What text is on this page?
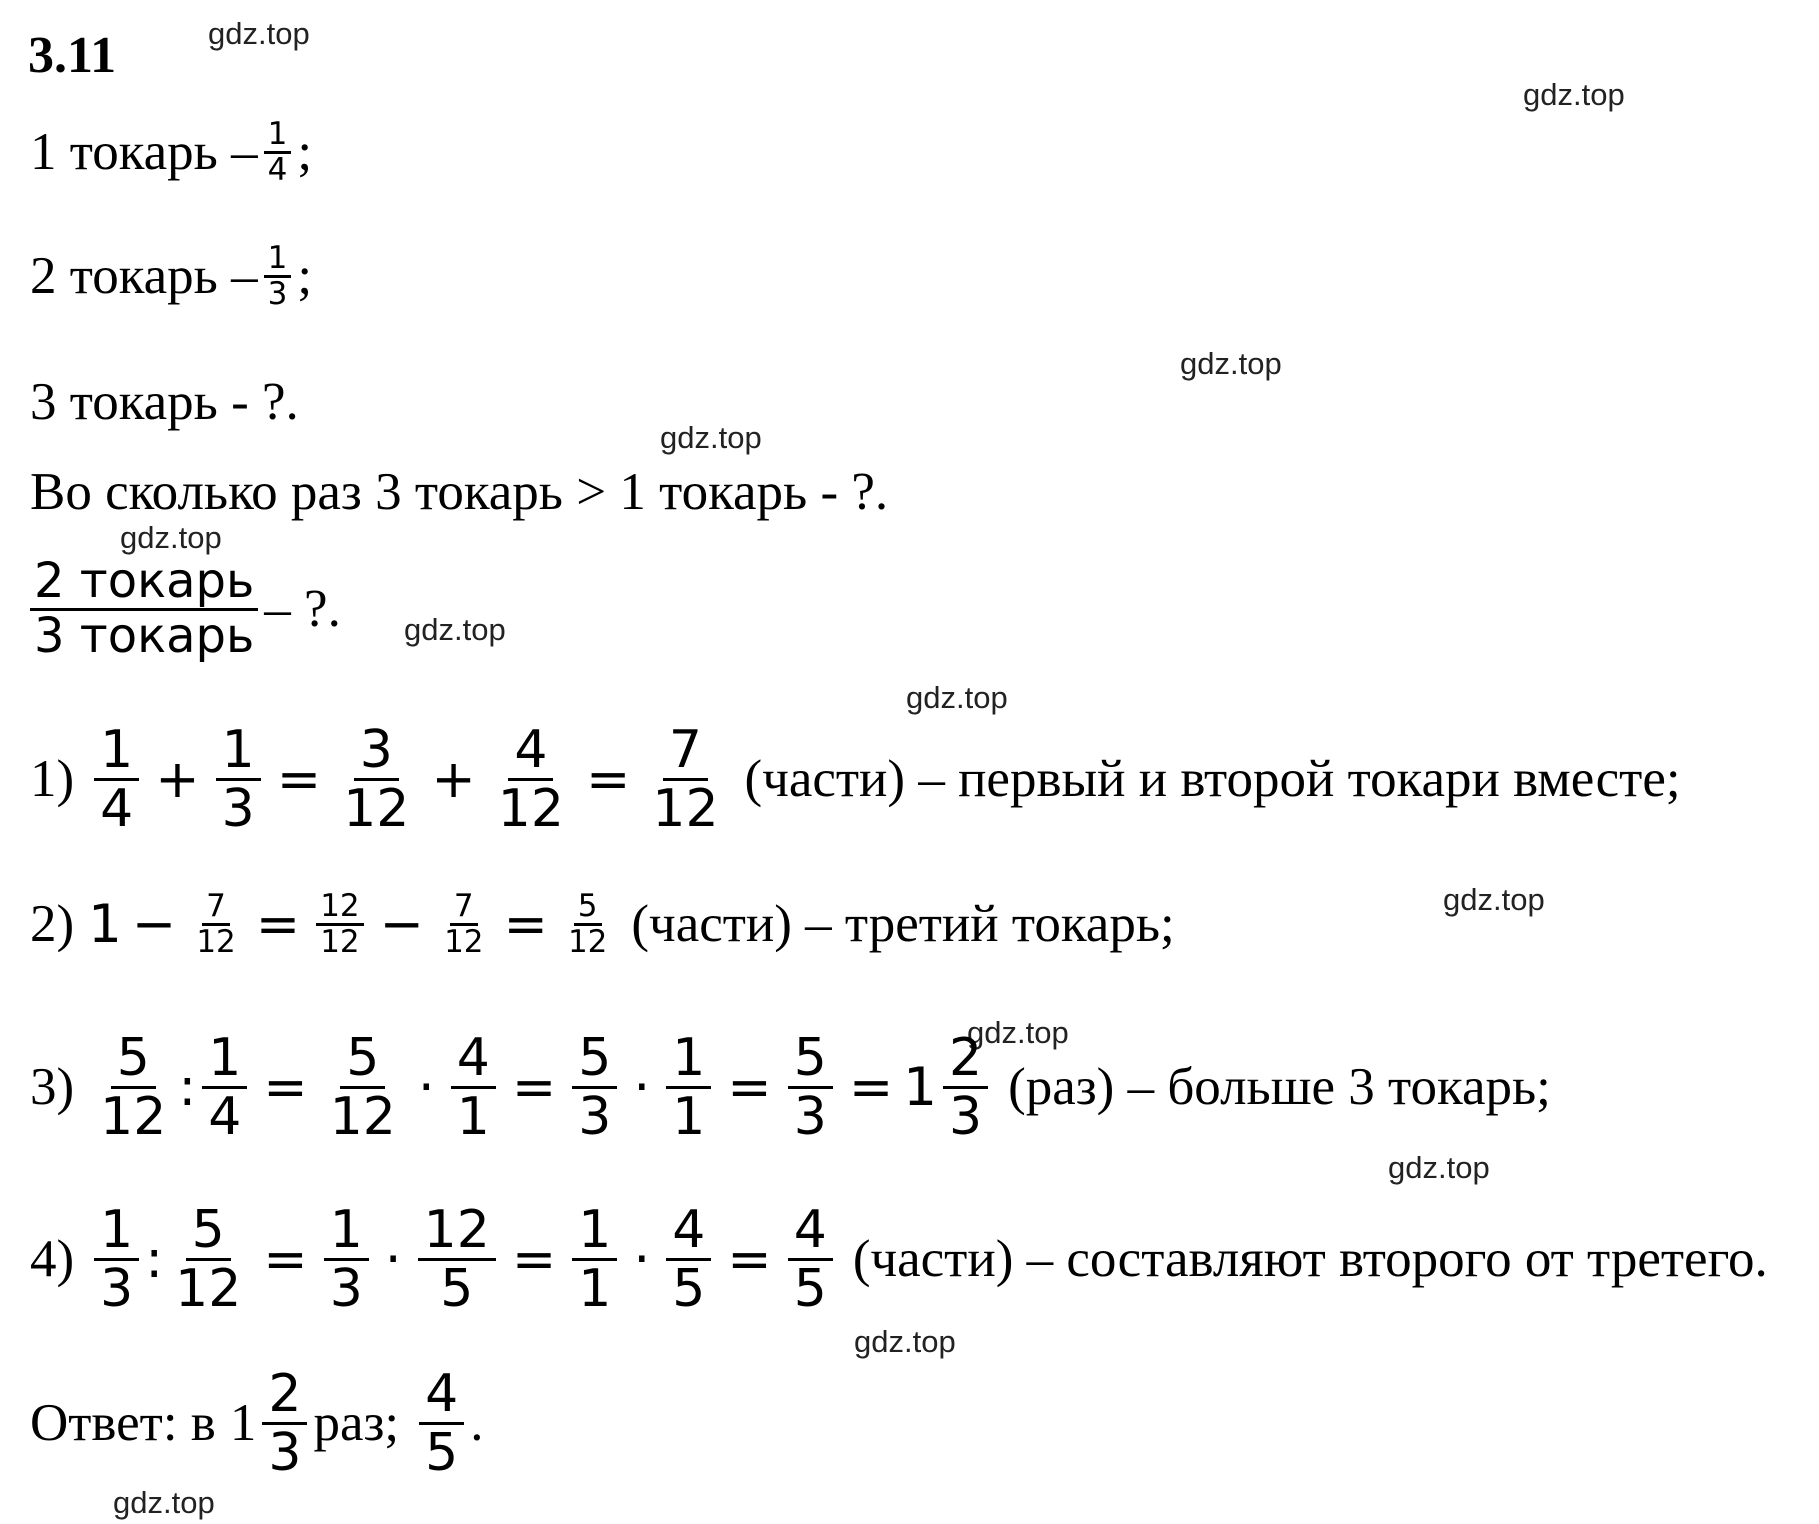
gdz.top
gdz.top
gdz.top
gdz.top
gdz.top
gdz.top
gdz.top
gdz.top
gdz.top
gdz.top
gdz.top
gdz.top
3.11
1 токарь – $\frac{1}{4}$ ;
2 токарь – $\frac{1}{3}$ ;
3 токарь - ?.
Во сколько раз 3 токарь > 1 токарь - ?.
$\frac{\text{2 токарь}}{\text{3 токарь}}$ – ?.
$1) \frac{1}{4} + \frac{1}{3} = \frac{3}{12} + \frac{4}{12} = \frac{7}{12}$ (части) – первый и второй токари вместе;
2) $1 - \frac{7}{12} = \frac{12}{12} - \frac{7}{12} = \frac{5}{12}$ (части) – третий токарь;
$3) \frac{5}{12}$ : $\frac{1}{4} = \frac{5}{12} \cdot \frac{4}{1} = \frac{5}{3} \cdot \frac{1}{1} = \frac{5}{3} = 1 \frac{2}{3} (раз)$ – больше 3 токарь;
$4) \frac{1}{3}$ : $\frac{5}{12} = \frac{1}{3} \cdot \frac{12}{5} = \frac{1}{1} \cdot \frac{4}{5} = \frac{4}{5}$ (части) – составляют второго от третего.
Ответ: в $1 \frac{2}{3}$ раз; $\frac{4}{5}$ .
